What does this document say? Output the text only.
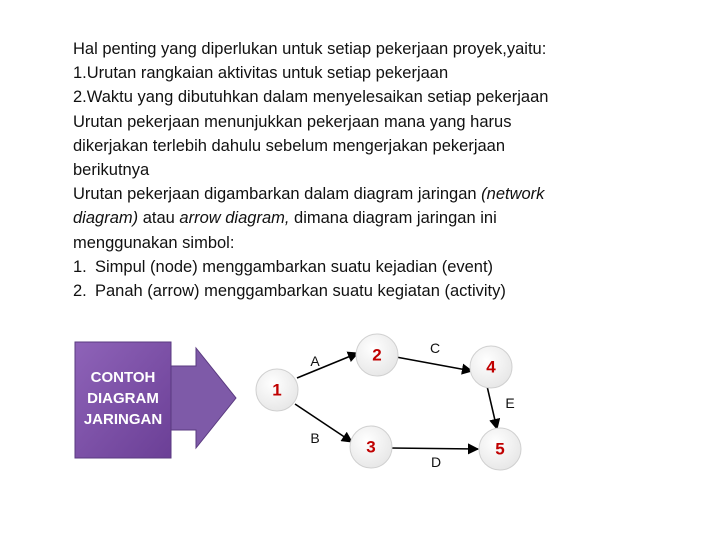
Hal penting yang diperlukan untuk setiap pekerjaan proyek,yaitu:
1.Urutan rangkaian aktivitas untuk setiap pekerjaan
2.Waktu yang dibutuhkan dalam menyelesaikan setiap pekerjaan
Urutan pekerjaan menunjukkan pekerjaan mana yang harus
dikerjakan terlebih dahulu sebelum mengerjakan pekerjaan
berikutnya
Urutan pekerjaan digambarkan dalam diagram jaringan (network
diagram) atau arrow diagram, dimana diagram jaringan ini
menggunakan simbol:
1. Simpul (node) menggambarkan suatu kejadian (event)
2. Panah (arrow) menggambarkan suatu kegiatan (activity)
CONTOH
DIAGRAM
JARINGAN
A
B
C
D
E
1
2
3
4
5
